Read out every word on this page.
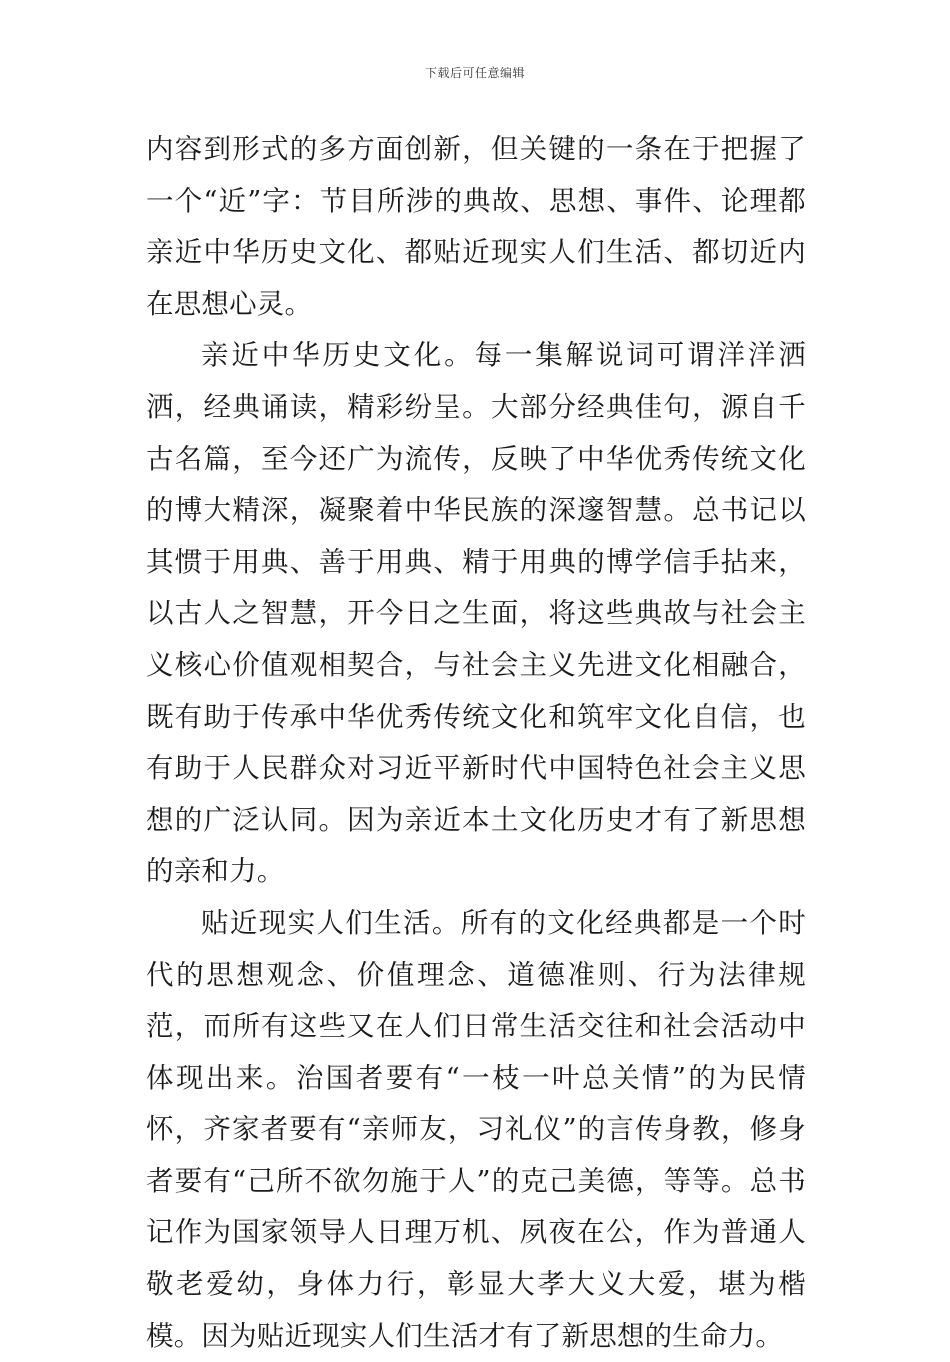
下载后可任意编辑

内容到形式的多方面创新，但关键的一条在于把握了一个“近”字：节目所涉的典故、思想、事件、论理都亲近中华历史文化、都贴近现实人们生活、都切近内在思想心灵。

亲近中华历史文化。每一集解说词可谓洋洋洒洒，经典诵读，精彩纷呈。大部分经典佳句，源自千古名篇，至今还广为流传，反映了中华优秀传统文化的博大精深，凝聚着中华民族的深邃智慧。总书记以其惯于用典、善于用典、精于用典的博学信手拈来，以古人之智慧，开今日之生面，将这些典故与社会主义核心价值观相契合，与社会主义先进文化相融合，既有助于传承中华优秀传统文化和筑牢文化自信，也有助于人民群众对习近平新时代中国特色社会主义思想的广泛认同。因为亲近本土文化历史才有了新思想的亲和力。

贴近现实人们生活。所有的文化经典都是一个时代的思想观念、价值理念、道德准则、行为法律规范，而所有这些又在人们日常生活交往和社会活动中体现出来。治国者要有“一枝一叶总关情”的为民情怀，齐家者要有“亲师友，习礼仪”的言传身教，修身者要有“己所不欲勿施于人”的克己美德，等等。总书记作为国家领导人日理万机、夙夜在公，作为普通人敬老爱幼，身体力行，彰显大孝大义大爱，堪为楷模。因为贴近现实人们生活才有了新思想的生命力。
